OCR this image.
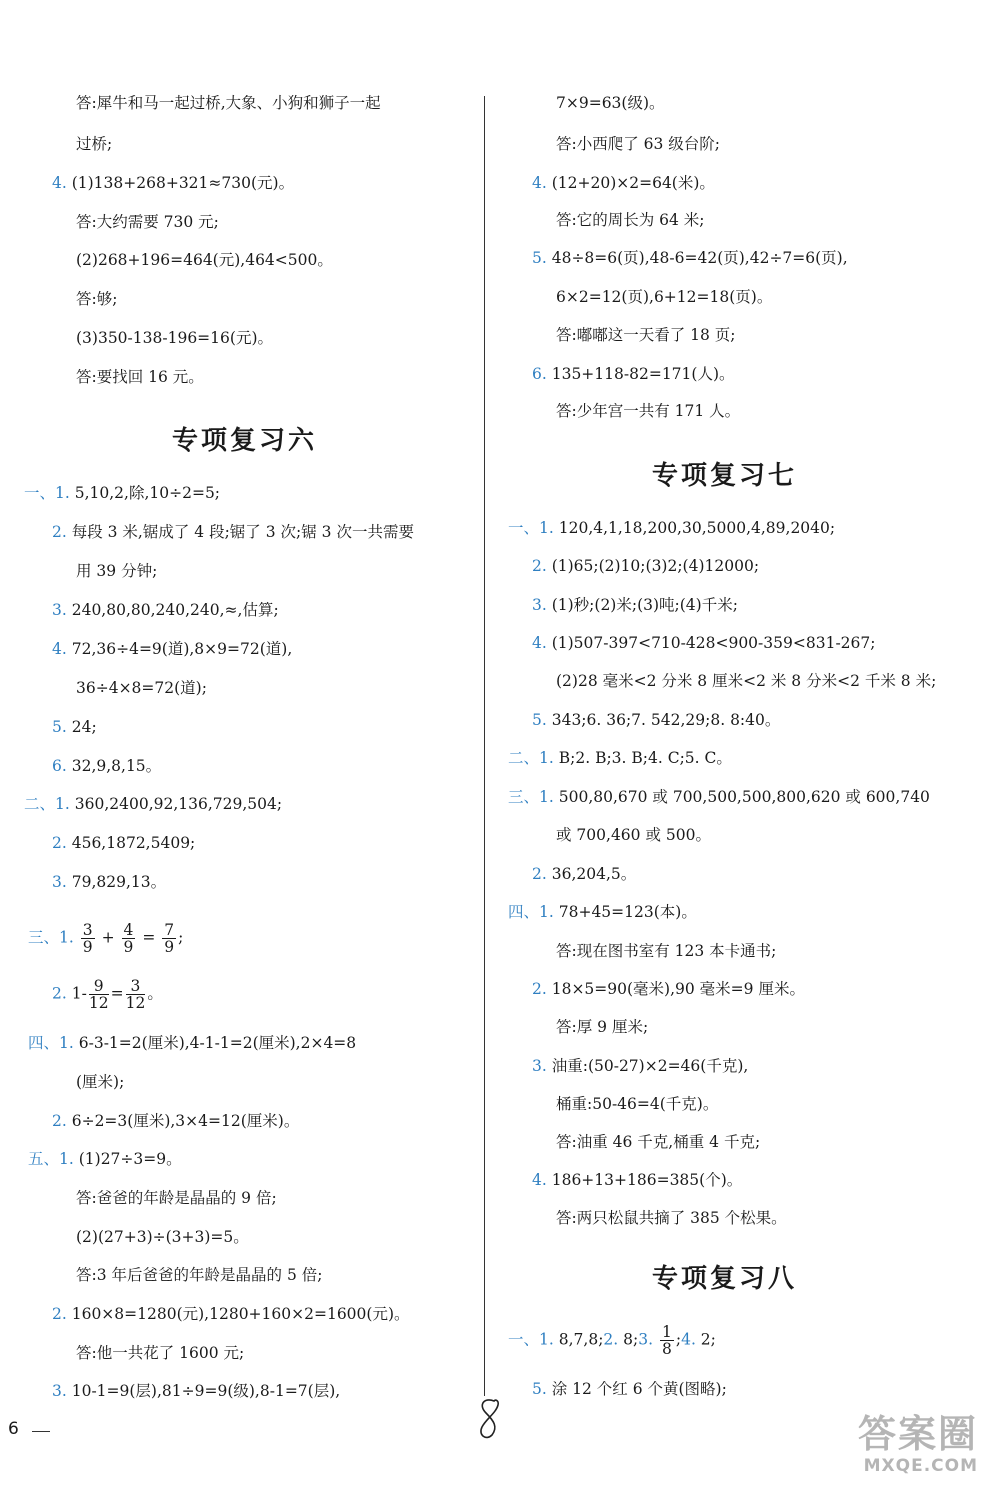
答:犀牛和马一起过桥,大象、小狗和狮子一起
过桥;
4. (1)138+268+321≈730(元)。
答:大约需要 730 元;
(2)268+196=464(元),464<500。
答:够;
(3)350-138-196=16(元)。
答:要找回 16 元。
一、1. 5,10,2,除,10÷2=5;
2. 每段 3 米,锯成了 4 段;锯了 3 次;锯 3 次一共需要
用 39 分钟;
3. 240,80,80,240,240,≈,估算;
4. 72,36÷4=9(道),8×9=72(道),
36÷4×8=72(道);
5. 24;
6. 32,9,8,15。
二、1. 360,2400,92,136,729,504;
2. 456,1872,5409;
3. 79,829,13。
四、1. 6-3-1=2(厘米),4-1-1=2(厘米),2×4=8
(厘米);
2. 6÷2=3(厘米),3×4=12(厘米)。
五、1. (1)27÷3=9。
答:爸爸的年龄是晶晶的 9 倍;
(2)(27+3)÷(3+3)=5。
答:3 年后爸爸的年龄是晶晶的 5 倍;
2. 160×8=1280(元),1280+160×2=1600(元)。
答:他一共花了 1600 元;
3. 10-1=9(层),81÷9=9(级),8-1=7(层),
7×9=63(级)。
答:小西爬了 63 级台阶;
4. (12+20)×2=64(米)。
答:它的周长为 64 米;
5. 48÷8=6(页),48-6=42(页),42÷7=6(页),
6×2=12(页),6+12=18(页)。
答:嘟嘟这一天看了 18 页;
6. 135+118-82=171(人)。
答:少年宫一共有 171 人。
一、1. 120,4,1,18,200,30,5000,4,89,2040;
2. (1)65;(2)10;(3)2;(4)12000;
3. (1)秒;(2)米;(3)吨;(4)千米;
4. (1)507-397<710-428<900-359<831-267;
(2)28 毫米<2 分米 8 厘米<2 米 8 分米<2 千米 8 米;
5. 343;6. 36;7. 542,29;8. 8:40。
二、1. B;2. B;3. B;4. C;5. C。
三、1. 500,80,670 或 700,500,500,800,620 或 600,740
或 700,460 或 500。
2. 36,204,5。
四、1. 78+45=123(本)。
答:现在图书室有 123 本卡通书;
2. 18×5=90(毫米),90 毫米=9 厘米。
答:厚 9 厘米;
3. 油重:(50-27)×2=46(千克),
桶重:50-46=4(千克)。
答:油重 46 千克,桶重 4 千克;
4. 186+13+186=385(个)。
答:两只松鼠共摘了 385 个松果。
5. 涂 12 个红 6 个黄(图略);
专项复习六
专项复习七
专项复习八
三、1. $\frac{3}{9} + \frac{4}{9} = \frac{7}{9}$ ;
2. $1- \frac{9}{12} = \frac{3}{12}$ 。
一、1. 8,7,8;2. 8;3. $\frac{1}{8}$ ;4. 2;
6	答案圈
MXQE.COM
